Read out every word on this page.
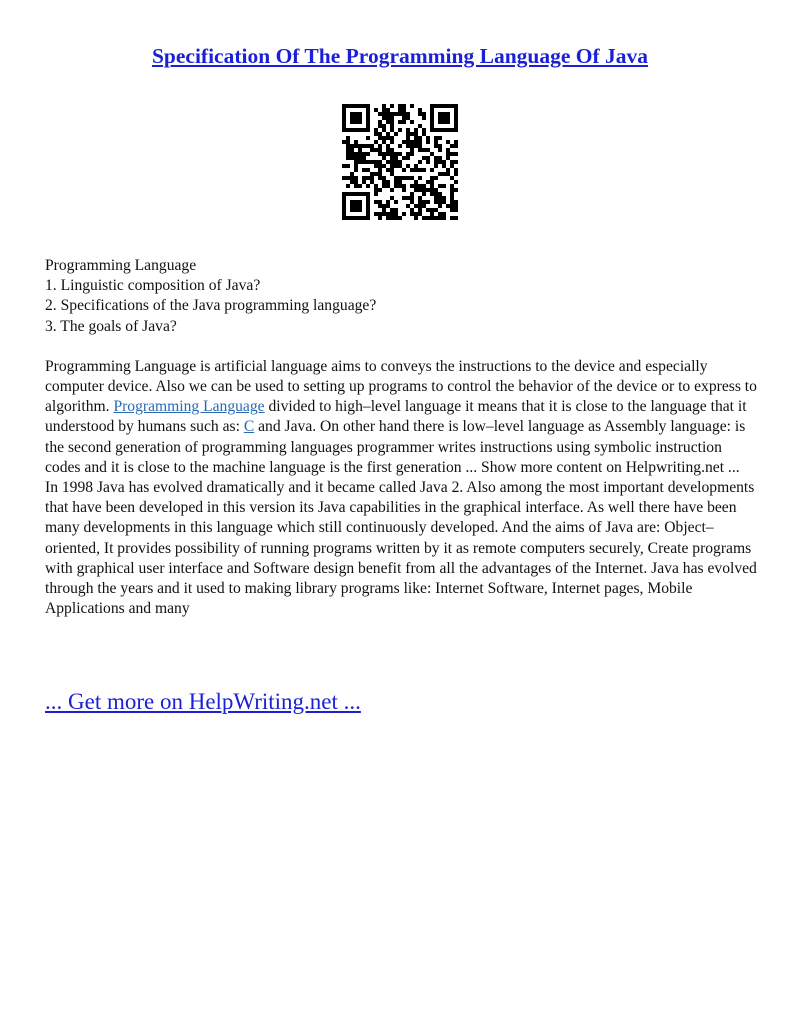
Specification Of The Programming Language Of Java

Programming Language
1. Linguistic composition of Java?
2. Specifications of the Java programming language?
3. The goals of Java?

Programming Language is artificial language aims to conveys the instructions to the device and especially computer device. Also we can be used to setting up programs to control the behavior of the device or to express to algorithm. Programming Language divided to high–level language it means that it is close to the language that it understood by humans such as: C and Java. On other hand there is low–level language as Assembly language: is the second generation of programming languages programmer writes instructions using symbolic instruction codes and it is close to the machine language is the first generation ... Show more content on Helpwriting.net ...

In 1998 Java has evolved dramatically and it became called Java 2. Also among the most important developments that have been developed in this version its Java capabilities in the graphical interface. As well there have been many developments in this language which still continuously developed. And the aims of Java are: Object–oriented, It provides possibility of running programs written by it as remote computers securely, Create programs with graphical user interface and Software design benefit from all the advantages of the Internet. Java has evolved through the years and it used to making library programs like: Internet Software, Internet pages, Mobile Applications and many

... Get more on HelpWriting.net ...
